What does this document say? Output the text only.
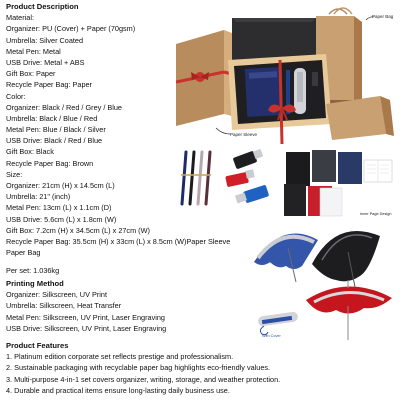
Product Description
Material:
Organizer: PU (Cover) + Paper (70gsm)
Umbrella: Silver Coated
Metal Pen: Metal
USB Drive: Metal + ABS
Gift Box: Paper
Recycle Paper Bag: Paper
Color:
Organizer: Black / Red / Grey / Blue
Umbrella: Black / Blue / Red
Metal Pen: Blue / Black / Silver
USB Drive: Black / Red / Blue
Gift Box: Black
Recycle Paper Bag: Brown
Size:
Organizer: 21cm (H) x 14.5cm (L)
Umbrella: 21" (inch)
Metal Pen: 13cm (L) x 1.1cm (D)
USB Drive: 5.6cm (L) x 1.8cm (W)
Gift Box: 7.2cm (H) x 34.5cm (L) x 27cm (W)
Recycle Paper Bag: 35.5cm (H) x 33cm (L) x 8.5cm (W)Paper Sleeve
Paper Bag
Per set: 1.036kg
Printing Method
Organizer: Silkscreen, UV Print
Umbrella: Silkscreen, Heat Transfer
Metal Pen: Silkscreen, UV Print, Laser Engraving
USB Drive: Silkscreen, UV Print, Laser Engraving
Product Features
1. Platinum edition corporate set reflects prestige and professionalism.
2. Sustainable packaging with recyclable paper bag highlights eco-friendly values.
3. Multi-purpose 4-in-1 set covers organizer, writing, storage, and weather protection.
4. Durable and practical items ensure long-lasting daily business use.
Paper Bag
Paper Sleeve
Inner Page Design
With Cover
